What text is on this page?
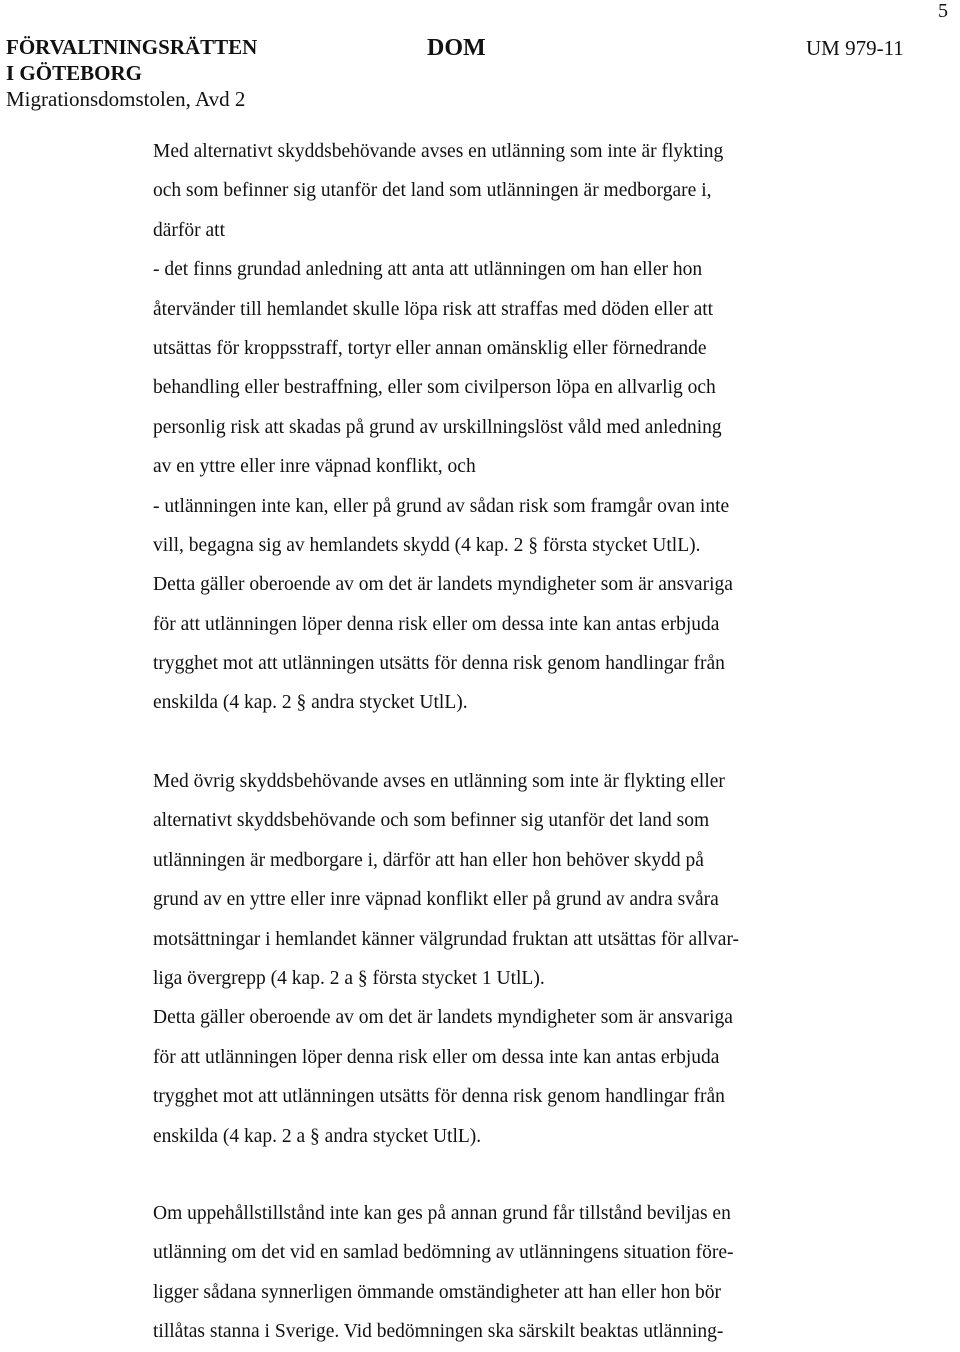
5
FÖRVALTNINGSRÄTTEN
I GÖTEBORG
Migrationsdomstolen, Avd 2
DOM	UM 979-11
Med alternativt skyddsbehövande avses en utlänning som inte är flykting
och som befinner sig utanför det land som utlänningen är medborgare i,
därför att
- det finns grundad anledning att anta att utlänningen om han eller hon
återvänder till hemlandet skulle löpa risk att straffas med döden eller att
utsättas för kroppsstraff, tortyr eller annan omänsklig eller förnedrande
behandling eller bestraffning, eller som civilperson löpa en allvarlig och
personlig risk att skadas på grund av urskillningslöst våld med anledning
av en yttre eller inre väpnad konflikt, och
- utlänningen inte kan, eller på grund av sådan risk som framgår ovan inte
vill, begagna sig av hemlandets skydd (4 kap. 2 § första stycket UtlL).
Detta gäller oberoende av om det är landets myndigheter som är ansvariga
för att utlänningen löper denna risk eller om dessa inte kan antas erbjuda
trygghet mot att utlänningen utsätts för denna risk genom handlingar från
enskilda (4 kap. 2 § andra stycket UtlL).
Med övrig skyddsbehövande avses en utlänning som inte är flykting eller
alternativt skyddsbehövande och som befinner sig utanför det land som
utlänningen är medborgare i, därför att han eller hon behöver skydd på
grund av en yttre eller inre väpnad konflikt eller på grund av andra svåra
motsättningar i hemlandet känner välgrundad fruktan att utsättas för allvar-
liga övergrepp (4 kap. 2 a § första stycket 1 UtlL).
Detta gäller oberoende av om det är landets myndigheter som är ansvariga
för att utlänningen löper denna risk eller om dessa inte kan antas erbjuda
trygghet mot att utlänningen utsätts för denna risk genom handlingar från
enskilda (4 kap. 2 a § andra stycket UtlL).
Om uppehållstillstånd inte kan ges på annan grund får tillstånd beviljas en
utlänning om det vid en samlad bedömning av utlänningens situation före-
ligger sådana synnerligen ömmande omständigheter att han eller hon bör
tillåtas stanna i Sverige. Vid bedömningen ska särskilt beaktas utlänning-
